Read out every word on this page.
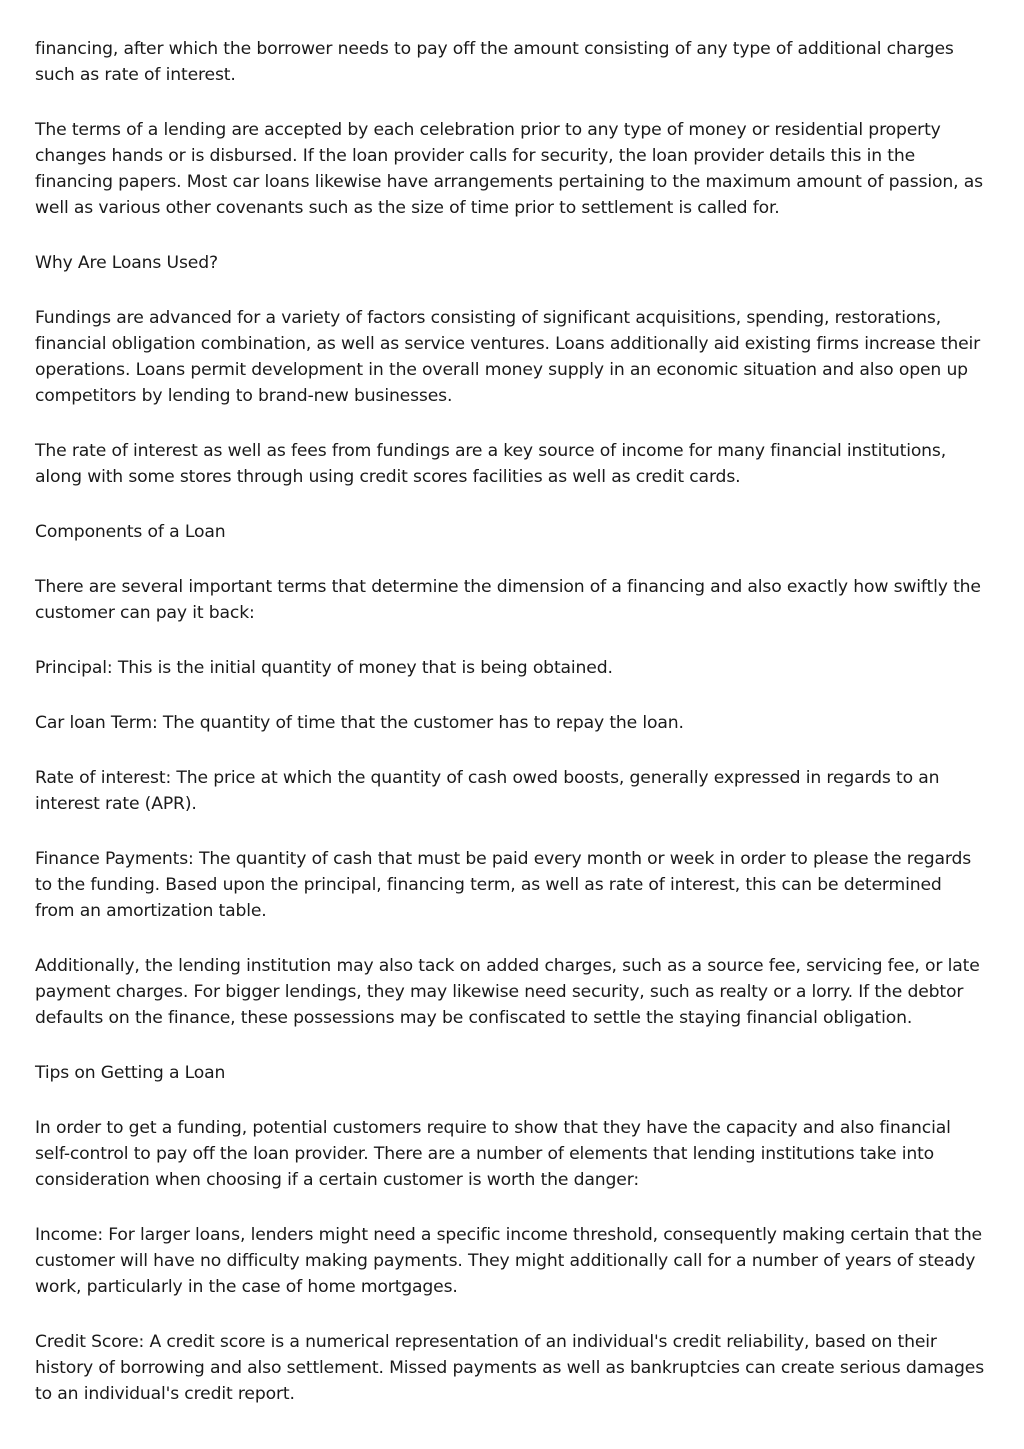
financing, after which the borrower needs to pay off the amount consisting of any type of additional charges such as rate of interest.

The terms of a lending are accepted by each celebration prior to any type of money or residential property changes hands or is disbursed. If the loan provider calls for security, the loan provider details this in the financing papers. Most car loans likewise have arrangements pertaining to the maximum amount of passion, as well as various other covenants such as the size of time prior to settlement is called for.

Why Are Loans Used?

Fundings are advanced for a variety of factors consisting of significant acquisitions, spending, restorations, financial obligation combination, as well as service ventures. Loans additionally aid existing firms increase their operations. Loans permit development in the overall money supply in an economic situation and also open up competitors by lending to brand-new businesses.

The rate of interest as well as fees from fundings are a key source of income for many financial institutions, along with some stores through using credit scores facilities as well as credit cards.

Components of a Loan

There are several important terms that determine the dimension of a financing and also exactly how swiftly the customer can pay it back:

Principal: This is the initial quantity of money that is being obtained.

Car loan Term: The quantity of time that the customer has to repay the loan.

Rate of interest: The price at which the quantity of cash owed boosts, generally expressed in regards to an interest rate (APR).

Finance Payments: The quantity of cash that must be paid every month or week in order to please the regards to the funding. Based upon the principal, financing term, as well as rate of interest, this can be determined from an amortization table.

Additionally, the lending institution may also tack on added charges, such as a source fee, servicing fee, or late payment charges. For bigger lendings, they may likewise need security, such as realty or a lorry. If the debtor defaults on the finance, these possessions may be confiscated to settle the staying financial obligation.

Tips on Getting a Loan

In order to get a funding, potential customers require to show that they have the capacity and also financial self-control to pay off the loan provider. There are a number of elements that lending institutions take into consideration when choosing if a certain customer is worth the danger:

Income: For larger loans, lenders might need a specific income threshold, consequently making certain that the customer will have no difficulty making payments. They might additionally call for a number of years of steady work, particularly in the case of home mortgages.

Credit Score: A credit score is a numerical representation of an individual's credit reliability, based on their history of borrowing and also settlement. Missed payments as well as bankruptcies can create serious damages to an individual's credit report.
